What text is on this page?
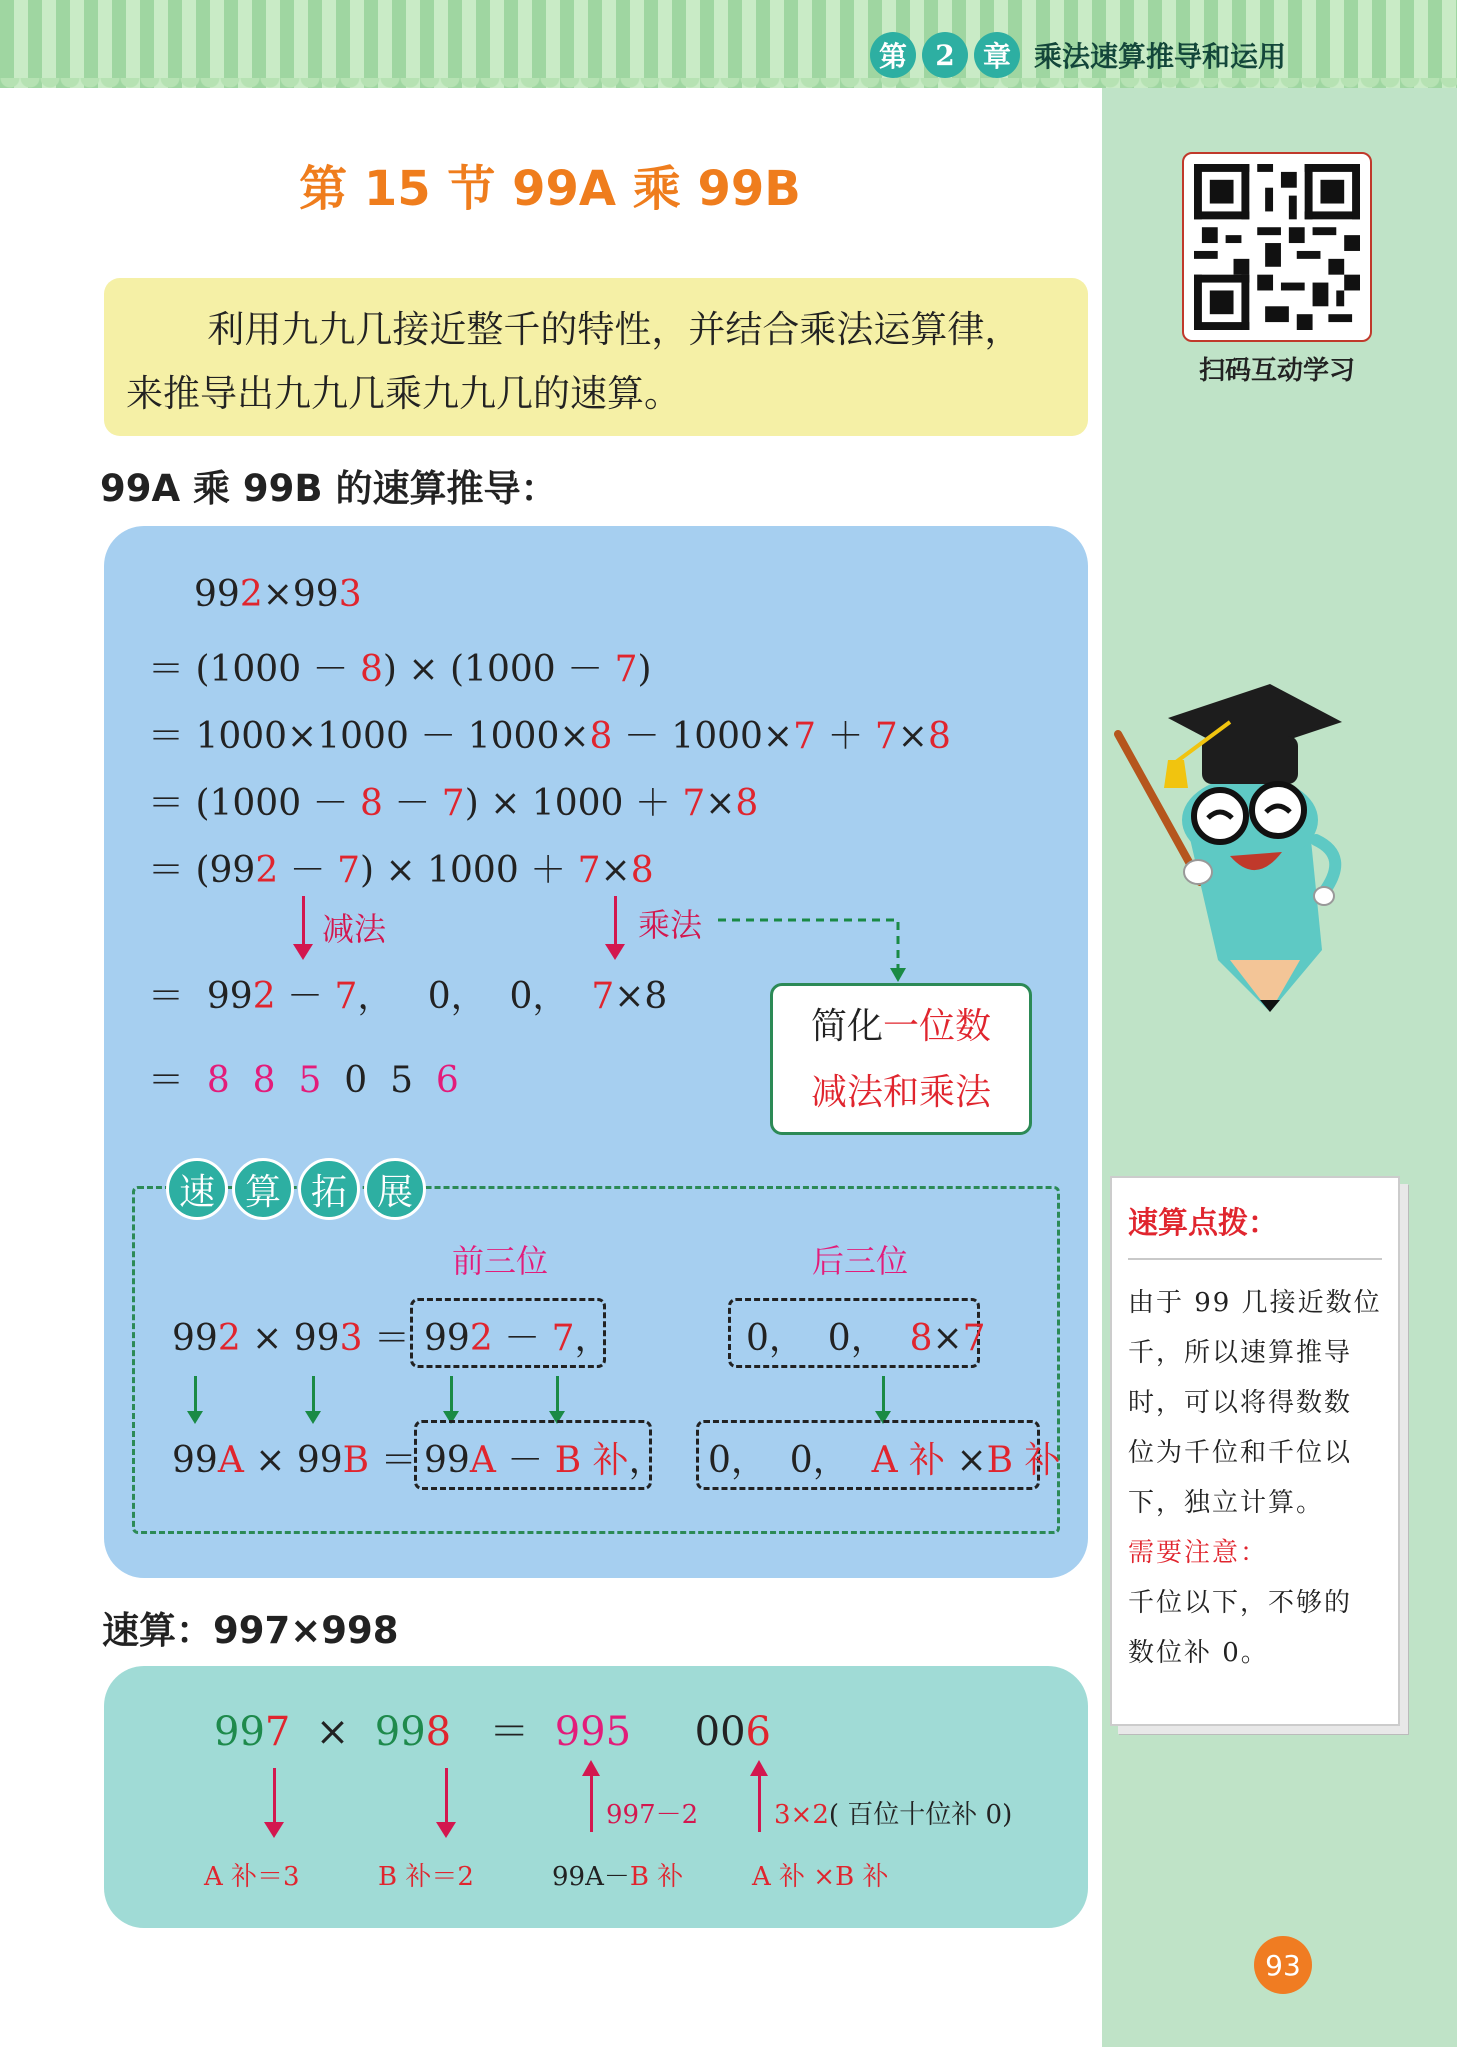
第	2	章 乘法速算推导和运用
第 15 节 99A 乘 99B

利用九九几接近整千的特性，并结合乘法运算律，

来推导出九九几乘九九几的速算。
99A 乘 99B 的速算推导：
992×993
＝ (1000 － 8) × (1000 － 7)
＝ 1000×1000 － 1000×8 － 1000×7 ＋ 7×8
＝ (1000 － 8 － 7) × 1000 ＋ 7×8
＝ (992 － 7) × 1000 ＋ 7×8
减法	乘法
＝  992 － 7，   0，  0，  7×8
＝  8  8  5  0  5  6
简化一位数
减法和乘法
速 算 拓 展
前三位	后三位
992 × 993 ＝ 992 － 7，	0，  0，  8×7
99A × 99B ＝ 99A － B 补， 0，  0，  A 补 ×B 补
速算：997×998
997 × 998 ＝ 995 006
997－2	3×2( 百位十位补 0)
A 补＝3	B 补＝2	99A－B 补	A 补 ×B 补
扫码互动学习
速算点拨：
由于 99 几接近数位
千，所以速算推导
时，可以将得数数
位为千位和千位以
下，独立计算。
需要注意：
千位以下，不够的
数位补 0。
93
